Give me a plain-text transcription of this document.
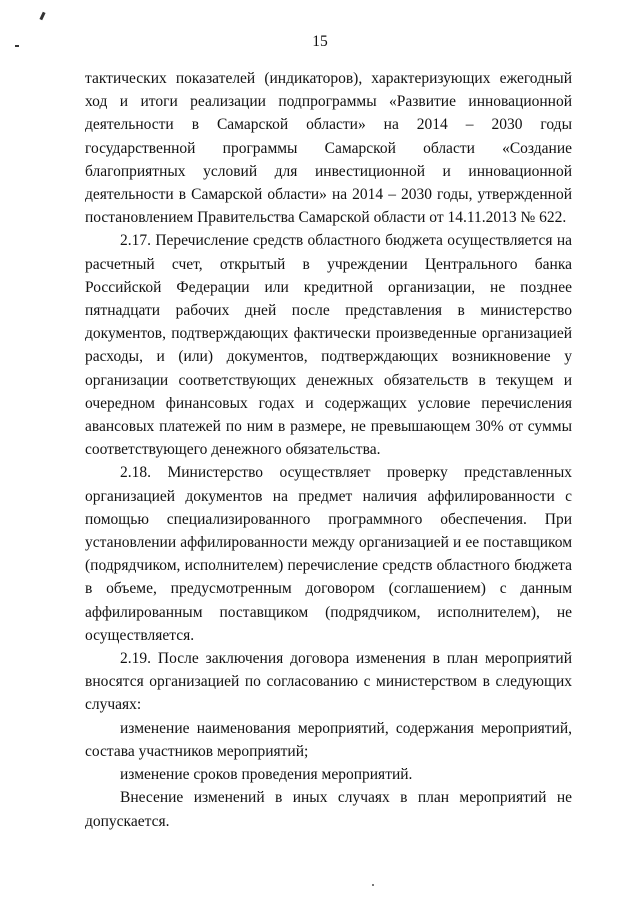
15

тактических показателей (индикаторов), характеризующих ежегодный ход и итоги реализации подпрограммы «Развитие инновационной деятельности в Самарской области» на 2014 – 2030 годы государственной программы Самарской области «Создание благоприятных условий для инвестиционной и инновационной деятельности в Самарской области» на 2014 – 2030 годы, утвержденной постановлением Правительства Самарской области от 14.11.2013 № 622.

2.17. Перечисление средств областного бюджета осуществляется на расчетный счет, открытый в учреждении Центрального банка Российской Федерации или кредитной организации, не позднее пятнадцати рабочих дней после представления в министерство документов, подтверждающих фактически произведенные организацией расходы, и (или) документов, подтверждающих возникновение у организации соответствующих денежных обязательств в текущем и очередном финансовых годах и содержащих условие перечисления авансовых платежей по ним в размере, не превышающем 30% от суммы соответствующего денежного обязательства.

2.18. Министерство осуществляет проверку представленных организацией документов на предмет наличия аффилированности с помощью специализированного программного обеспечения. При установлении аффилированности между организацией и ее поставщиком (подрядчиком, исполнителем) перечисление средств областного бюджета в объеме, предусмотренным договором (соглашением) с данным аффилированным поставщиком (подрядчиком, исполнителем), не осуществляется.

2.19. После заключения договора изменения в план мероприятий вносятся организацией по согласованию с министерством в следующих случаях:

изменение наименования мероприятий, содержания мероприятий, состава участников мероприятий;

изменение сроков проведения мероприятий.

Внесение изменений в иных случаях в план мероприятий не допускается.
